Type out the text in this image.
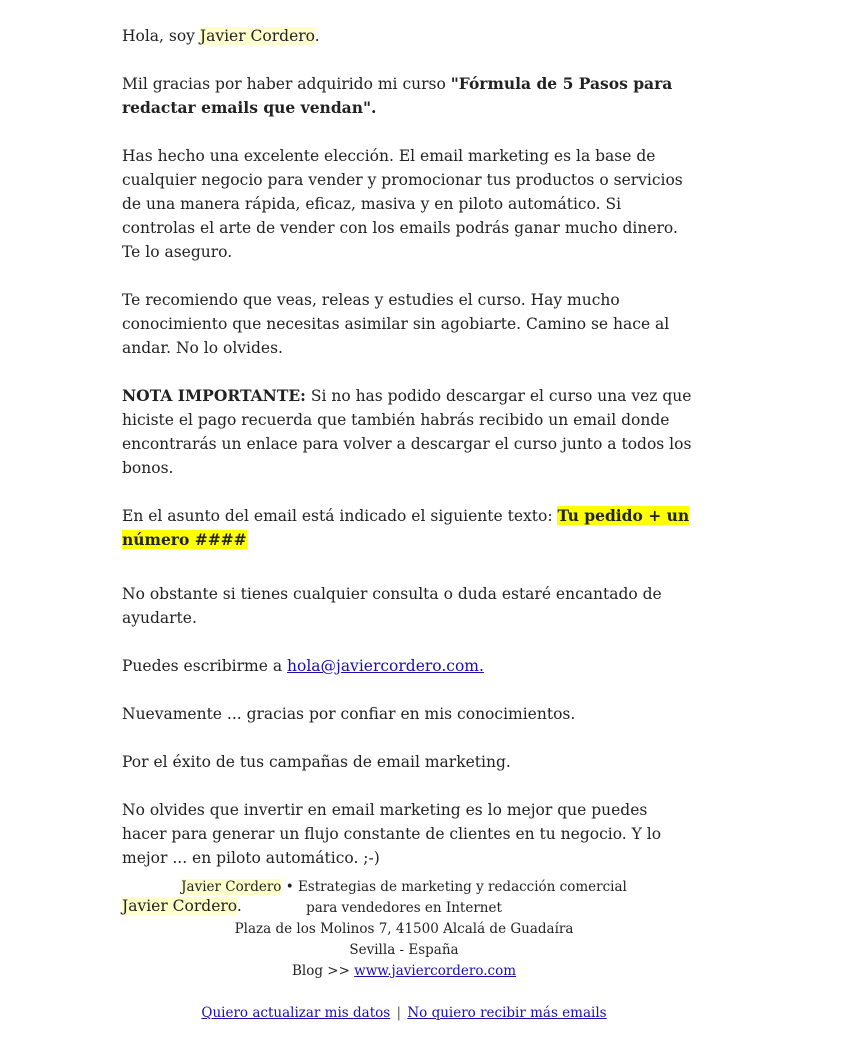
Hola, soy Javier Cordero.

Mil gracias por haber adquirido mi curso "Fórmula de 5 Pasos para redactar emails que vendan".

Has hecho una excelente elección. El email marketing es la base de cualquier negocio para vender y promocionar tus productos o servicios de una manera rápida, eficaz, masiva y en piloto automático. Si controlas el arte de vender con los emails podrás ganar mucho dinero. Te lo aseguro.

Te recomiendo que veas, releas y estudies el curso. Hay mucho conocimiento que necesitas asimilar sin agobiarte. Camino se hace al andar. No lo olvides.

NOTA IMPORTANTE: Si no has podido descargar el curso una vez que hiciste el pago recuerda que también habrás recibido un email donde encontrarás un enlace para volver a descargar el curso junto a todos los bonos.

En el asunto del email está indicado el siguiente texto: Tu pedido + un número ####

No obstante si tienes cualquier consulta o duda estaré encantado de ayudarte.

Puedes escribirme a hola@javiercordero.com.

Nuevamente ... gracias por confiar en mis conocimientos.

Por el éxito de tus campañas de email marketing.

No olvides que invertir en email marketing es lo mejor que puedes hacer para generar un flujo constante de clientes en tu negocio. Y lo mejor ... en piloto automático. ;-)

Javier Cordero.

Javier Cordero • Estrategias de marketing y redacción comercial
para vendedores en Internet
Plaza de los Molinos 7, 41500 Alcalá de Guadaíra
Sevilla - España
Blog >> www.javiercordero.com
Quiero actualizar mis datos | No quiero recibir más emails
